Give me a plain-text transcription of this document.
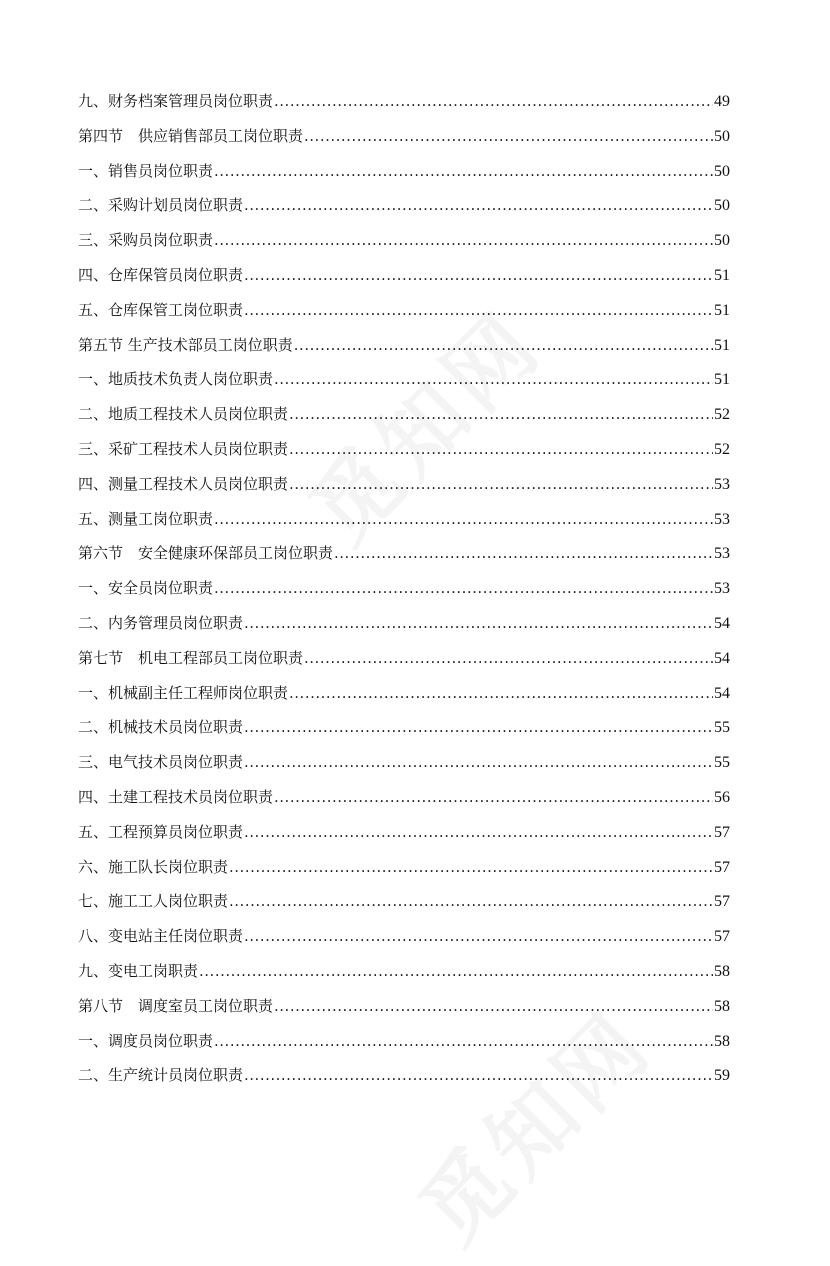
九、财务档案管理员岗位职责 .....	49
第四节　供应销售部员工岗位职责 .....	50
一、销售员岗位职责 .....	50
二、采购计划员岗位职责 .....	50
三、采购员岗位职责 .....	50
四、仓库保管员岗位职责 .....	51
五、仓库保管工岗位职责 .....	51
第五节 生产技术部员工岗位职责 .....	51
一、地质技术负责人岗位职责 .....	51
二、地质工程技术人员岗位职责 .....	52
三、采矿工程技术人员岗位职责 .....	52
四、测量工程技术人员岗位职责 .....	53
五、测量工岗位职责 .....	53
第六节　安全健康环保部员工岗位职责 .....	53
一、安全员岗位职责 .....	53
二、内务管理员岗位职责 .....	54
第七节　机电工程部员工岗位职责 .....	54
一、机械副主任工程师岗位职责 .....	54
二、机械技术员岗位职责 .....	55
三、电气技术员岗位职责 .....	55
四、土建工程技术员岗位职责 .....	56
五、工程预算员岗位职责 .....	57
六、施工队长岗位职责 .....	57
七、施工工人岗位职责 .....	57
八、变电站主任岗位职责 .....	57
九、变电工岗职责 .....	58
第八节　调度室员工岗位职责 .....	58
一、调度员岗位职责 .....	58
二、生产统计员岗位职责 .....	59
